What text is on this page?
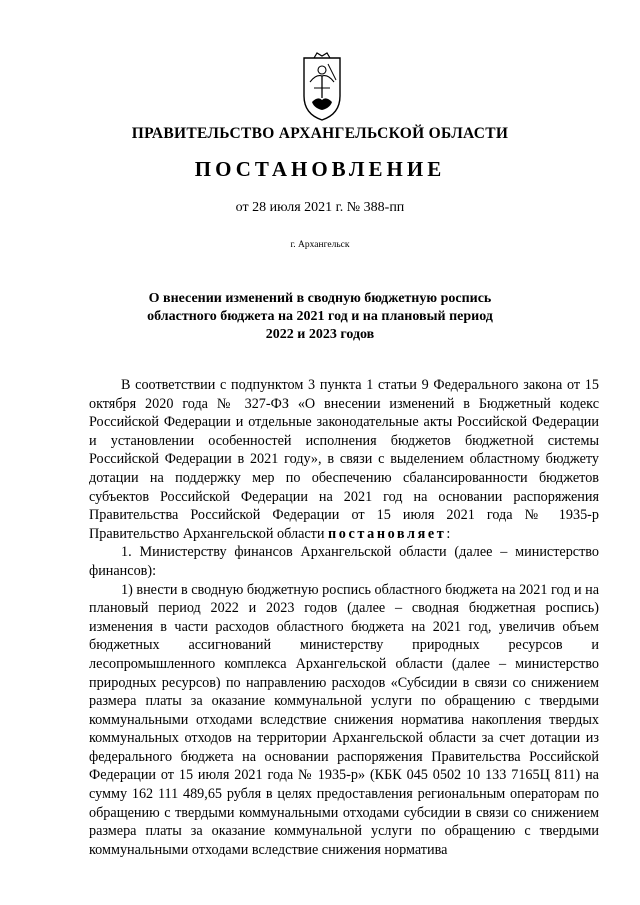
ПРАВИТЕЛЬСТВО АРХАНГЕЛЬСКОЙ ОБЛАСТИ
ПОСТАНОВЛЕНИЕ
от 28 июля 2021 г. № 388-пп
г. Архангельск
О внесении изменений в сводную бюджетную роспись
областного бюджета на 2021 год и на плановый период
2022 и 2023 годов

В соответствии с подпунктом 3 пункта 1 статьи 9 Федерального закона от 15 октября 2020 года № 327-ФЗ «О внесении изменений в Бюджетный кодекс Российской Федерации и отдельные законодательные акты Российской Федерации и установлении особенностей исполнения бюджетов бюджетной системы Российской Федерации в 2021 году», в связи с выделением областному бюджету дотации на поддержку мер по обеспечению сбалансированности бюджетов субъектов Российской Федерации на 2021 год на основании распоряжения Правительства Российской Федерации от 15 июля 2021 года № 1935-р Правительство Архангельской области постановляет:

1. Министерству финансов Архангельской области (далее – министерство финансов):

1) внести в сводную бюджетную роспись областного бюджета на 2021 год и на плановый период 2022 и 2023 годов (далее – сводная бюджетная роспись) изменения в части расходов областного бюджета на 2021 год, увеличив объем бюджетных ассигнований министерству природных ресурсов и лесопромышленного комплекса Архангельской области (далее – министерство природных ресурсов) по направлению расходов «Субсидии в связи со снижением размера платы за оказание коммунальной услуги по обращению с твердыми коммунальными отходами вследствие снижения норматива накопления твердых коммунальных отходов на территории Архангельской области за счет дотации из федерального бюджета на основании распоряжения Правительства Российской Федерации от 15 июля 2021 года № 1935-р» (КБК 045 0502 10 133 7165Ц 811) на сумму 162 111 489,65 рубля в целях предоставления региональным операторам по обращению с твердыми коммунальными отходами субсидии в связи со снижением размера платы за оказание коммунальной услуги по обращению с твердыми коммунальными отходами вследствие снижения норматива
